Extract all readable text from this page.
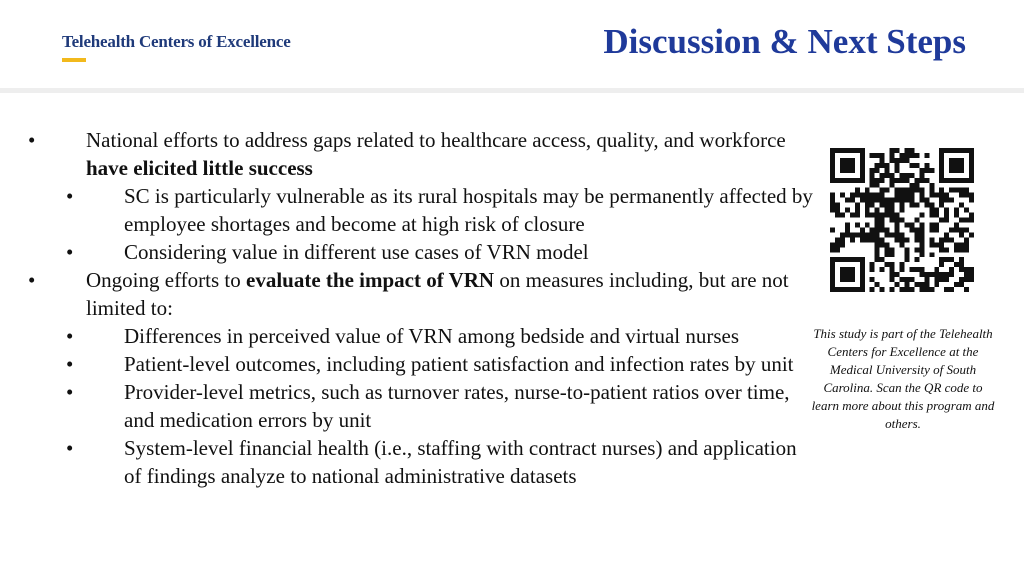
Telehealth Centers of Excellence	Discussion & Next Steps
• National efforts to address gaps related to healthcare access, quality, and workforce have elicited little success
• SC is particularly vulnerable as its rural hospitals may be permanently affected by employee shortages and become at high risk of closure
• Considering value in different use cases of VRN model
• Ongoing efforts to evaluate the impact of VRN on measures including, but are not limited to:
• Differences in perceived value of VRN among bedside and virtual nurses
• Patient-level outcomes, including patient satisfaction and infection rates by unit
• Provider-level metrics, such as turnover rates, nurse-to-patient ratios over time, and medication errors by unit
• System-level financial health (i.e., staffing with contract nurses) and application of findings analyze to national administrative datasets
This study is part of the Telehealth Centers for Excellence at the Medical University of South Carolina. Scan the QR code to learn more about this program and others.
